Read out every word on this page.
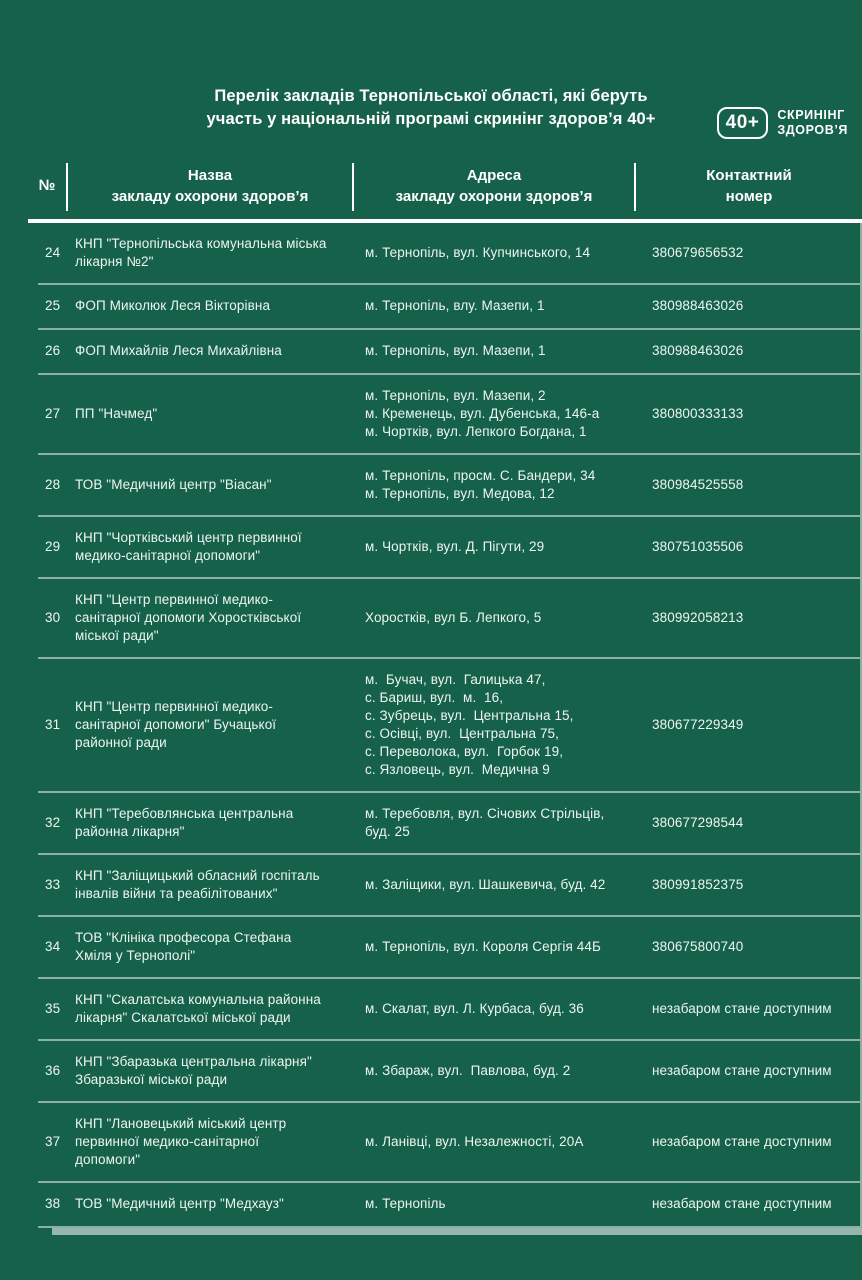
40+	СКРИНІНГ
ЗДОРОВ’Я
Перелік закладів Тернопільської області, які беруть
участь у національній програмі скринінг здоров’я 40+
№
Назва
закладу охорони здоров’я
Адреса
закладу охорони здоров’я
Контактний
номер
24
КНП "Тернопільська комунальна міська лікарня №2"
м. Тернопіль, вул. Купчинського, 14	380679656532
25	ФОП Миколюк Леся Вікторівна	м. Тернопіль, влу. Мазепи, 1	380988463026
26	ФОП Михайлів Леся Михайлівна	м. Тернопіль, вул. Мазепи, 1	380988463026
27	ПП "Начмед"
м. Тернопіль, вул. Мазепи, 2
м. Кременець, вул. Дубенська, 146-а
м. Чортків, вул. Лепкого Богдана, 1
380800333133
28	ТОВ "Медичний центр "Віасан"
м. Тернопіль, просм. С. Бандери, 34
м. Тернопіль, вул. Медова, 12
380984525558
29
КНП "Чортківський центр первинної медико-санітарної допомоги"
м. Чортків, вул. Д. Пігути, 29	380751035506
30
КНП "Центр первинної медико-санітарної допомоги Хоростківської міської ради"
Хоростків, вул Б. Лепкого, 5	380992058213
31
КНП "Центр первинної медико-санітарної допомоги" Бучацької районної ради
м.  Бучач, вул.  Галицька 47,
с. Бариш, вул.  м.  16,
с. Зубрець, вул.  Центральна 15,
с. Осівці, вул.  Центральна 75,
с. Переволока, вул.  Горбок 19,
с. Язловець, вул.  Медична 9
380677229349
32
КНП "Теребовлянська центральна районна лікарня"
м. Теребовля, вул. Січових Стрільців,
буд. 25
380677298544
33
КНП "Заліщицький обласний госпіталь інвалів війни та реабілітованих"
м. Заліщики, вул. Шашкевича, буд. 42	380991852375
34
ТОВ "Клініка професора Стефана Хміля у Тернополі"
м. Тернопіль, вул. Короля Сергія 44Б	380675800740
35
КНП "Скалатська комунальна районна лікарня" Скалатської міської ради
м. Скалат, вул. Л. Курбаса, буд. 36	незабаром стане доступним
36
КНП "Збаразька центральна лікарня" Збаразької міської ради
м. Збараж, вул.  Павлова, буд. 2	незабаром стане доступним
37
КНП "Лановецький міський центр первинної медико-санітарної допомоги"
м. Ланівці, вул. Незалежності, 20А	незабаром стане доступним
38	ТОВ "Медичний центр "Медхауз"	м. Тернопіль	незабаром стане доступним
